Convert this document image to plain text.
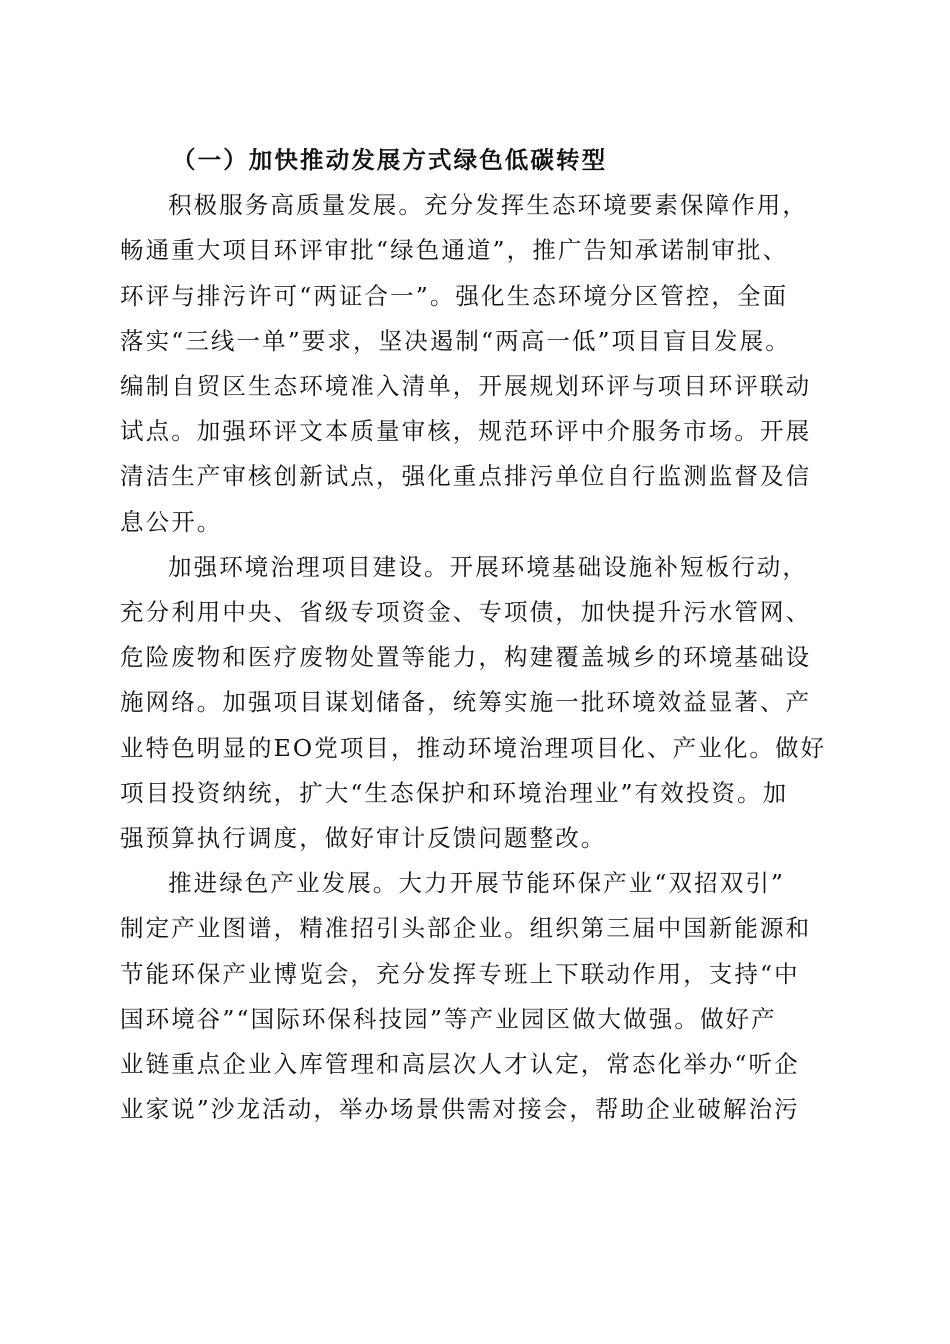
（一）加快推动发展方式绿色低碳转型

积极服务高质量发展。充分发挥生态环境要素保障作用，
畅通重大项目环评审批“绿色通道”，推广告知承诺制审批、
环评与排污许可“两证合一”。强化生态环境分区管控，全面
落实“三线一单”要求，坚决遏制“两高一低”项目盲目发展。
编制自贸区生态环境准入清单，开展规划环评与项目环评联动
试点。加强环评文本质量审核，规范环评中介服务市场。开展
清洁生产审核创新试点，强化重点排污单位自行监测监督及信
息公开。

加强环境治理项目建设。开展环境基础设施补短板行动，
充分利用中央、省级专项资金、专项债，加快提升污水管网、
危险废物和医疗废物处置等能力，构建覆盖城乡的环境基础设
施网络。加强项目谋划储备，统筹实施一批环境效益显著、产
业特色明显的EO党项目，推动环境治理项目化、产业化。做好
项目投资纳统，扩大“生态保护和环境治理业”有效投资。加
强预算执行调度，做好审计反馈问题整改。

推进绿色产业发展。大力开展节能环保产业“双招双引”
制定产业图谱，精准招引头部企业。组织第三届中国新能源和
节能环保产业博览会，充分发挥专班上下联动作用，支持“中
国环境谷”“国际环保科技园”等产业园区做大做强。做好产
业链重点企业入库管理和高层次人才认定，常态化举办“听企
业家说”沙龙活动，举办场景供需对接会，帮助企业破解治污
